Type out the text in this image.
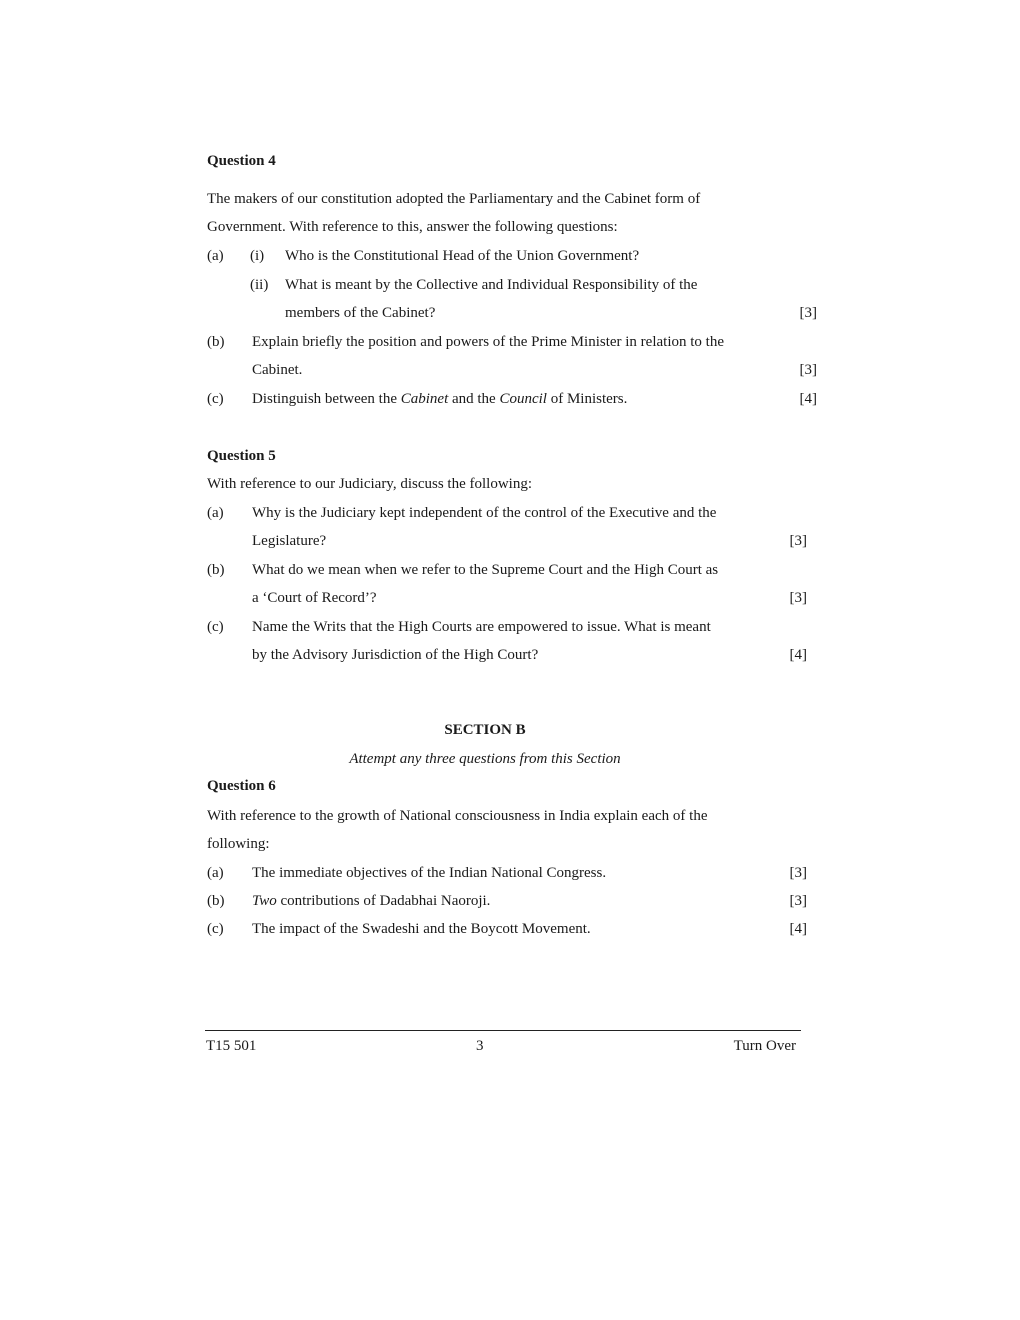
Question 4
The makers of our constitution adopted the Parliamentary and the Cabinet form of
Government. With reference to this, answer the following questions:
(a) (i) Who is the Constitutional Head of the Union Government?
(ii) What is meant by the Collective and Individual Responsibility of the
members of the Cabinet?	[3]
(b) Explain briefly the position and powers of the Prime Minister in relation to the
Cabinet.	[3]
(c) Distinguish between the Cabinet and the Council of Ministers.	[4]
Question 5
With reference to our Judiciary, discuss the following:
(a) Why is the Judiciary kept independent of the control of the Executive and the
Legislature?	[3]
(b) What do we mean when we refer to the Supreme Court and the High Court as
a ‘Court of Record’?	[3]
(c) Name the Writs that the High Courts are empowered to issue. What is meant
by the Advisory Jurisdiction of the High Court?	[4]
SECTION B
Attempt any three questions from this Section
Question 6
With reference to the growth of National consciousness in India explain each of the
following:
(a) The immediate objectives of the Indian National Congress.	[3]
(b) Two contributions of Dadabhai Naoroji.	[3]
(c) The impact of the Swadeshi and the Boycott Movement.	[4]
T15 501	3	Turn Over
